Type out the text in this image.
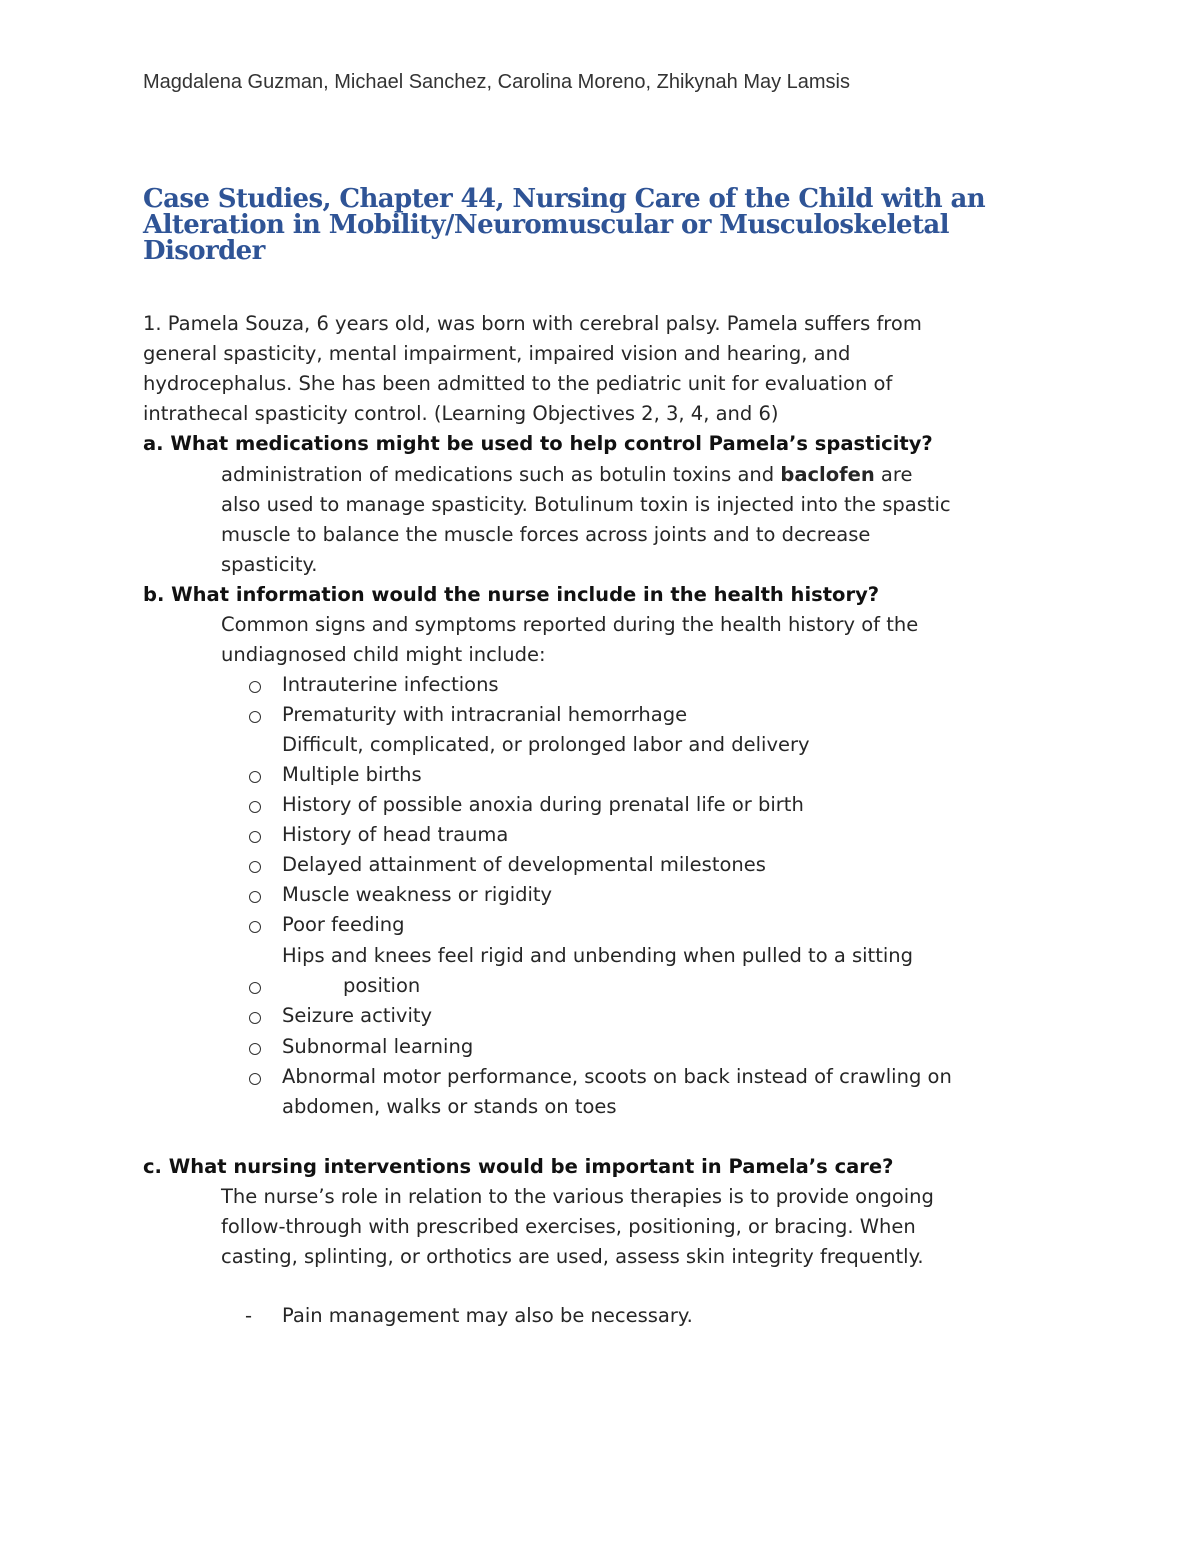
Magdalena Guzman, Michael Sanchez, Carolina Moreno, Zhikynah May Lamsis
Case Studies, Chapter 44, Nursing Care of the Child with an Alteration in Mobility/Neuromuscular or Musculoskeletal Disorder
1. Pamela Souza, 6 years old, was born with cerebral palsy. Pamela suffers from
general spasticity, mental impairment, impaired vision and hearing, and
hydrocephalus. She has been admitted to the pediatric unit for evaluation of
intrathecal spasticity control. (Learning Objectives 2, 3, 4, and 6)
a. What medications might be used to help control Pamela’s spasticity?
administration of medications such as botulin toxins and baclofen are
also used to manage spasticity. Botulinum toxin is injected into the spastic
muscle to balance the muscle forces across joints and to decrease
spasticity.
b. What information would the nurse include in the health history?
Common signs and symptoms reported during the health history of the
undiagnosed child might include:
Intrauterine infections
Prematurity with intracranial hemorrhage
Difficult, complicated, or prolonged labor and delivery
Multiple births
History of possible anoxia during prenatal life or birth
History of head trauma
Delayed attainment of developmental milestones
Muscle weakness or rigidity
Poor feeding
Hips and knees feel rigid and unbending when pulled to a sitting
position
Seizure activity
Subnormal learning
Abnormal motor performance, scoots on back instead of crawling on
abdomen, walks or stands on toes
c. What nursing interventions would be important in Pamela’s care?
The nurse’s role in relation to the various therapies is to provide ongoing
follow-through with prescribed exercises, positioning, or bracing. When
casting, splinting, or orthotics are used, assess skin integrity frequently.
- Pain management may also be necessary.
